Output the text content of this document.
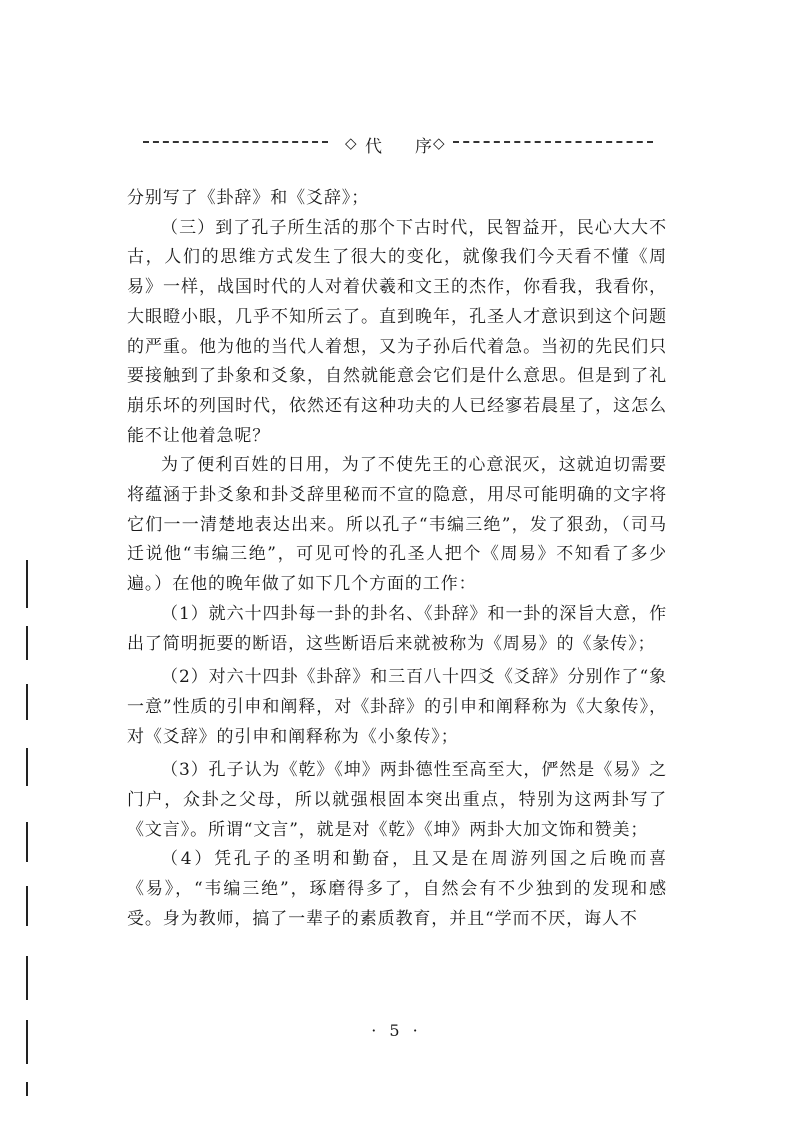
◇ 代 序 ◇

分别写了《卦辞》和《爻辞》；

（三）到了孔子所生活的那个下古时代，民智益开，民心大大不古，人们的思维方式发生了很大的变化，就像我们今天看不懂《周易》一样，战国时代的人对着伏羲和文王的杰作，你看我，我看你，大眼瞪小眼，几乎不知所云了。直到晚年，孔圣人才意识到这个问题的严重。他为他的当代人着想，又为子孙后代着急。当初的先民们只要接触到了卦象和爻象，自然就能意会它们是什么意思。但是到了礼崩乐坏的列国时代，依然还有这种功夫的人已经寥若晨星了，这怎么能不让他着急呢？

为了便利百姓的日用，为了不使先王的心意泯灭，这就迫切需要将蕴涵于卦爻象和卦爻辞里秘而不宣的隐意，用尽可能明确的文字将它们一一清楚地表达出来。所以孔子“韦编三绝”，发了狠劲，（司马迁说他“韦编三绝”，可见可怜的孔圣人把个《周易》不知看了多少遍。）在他的晚年做了如下几个方面的工作：

（1）就六十四卦每一卦的卦名、《卦辞》和一卦的深旨大意，作出了简明扼要的断语，这些断语后来就被称为《周易》的《彖传》；

（2）对六十四卦《卦辞》和三百八十四爻《爻辞》分别作了“象一意”性质的引申和阐释，对《卦辞》的引申和阐释称为《大象传》，对《爻辞》的引申和阐释称为《小象传》；

（3）孔子认为《乾》《坤》两卦德性至高至大，俨然是《易》之门户，众卦之父母，所以就强根固本突出重点，特别为这两卦写了《文言》。所谓“文言”，就是对《乾》《坤》两卦大加文饰和赞美；

（4）凭孔子的圣明和勤奋，且又是在周游列国之后晚而喜《易》，“韦编三绝”，琢磨得多了，自然会有不少独到的发现和感受。身为教师，搞了一辈子的素质教育，并且“学而不厌，诲人不

· 5 ·
